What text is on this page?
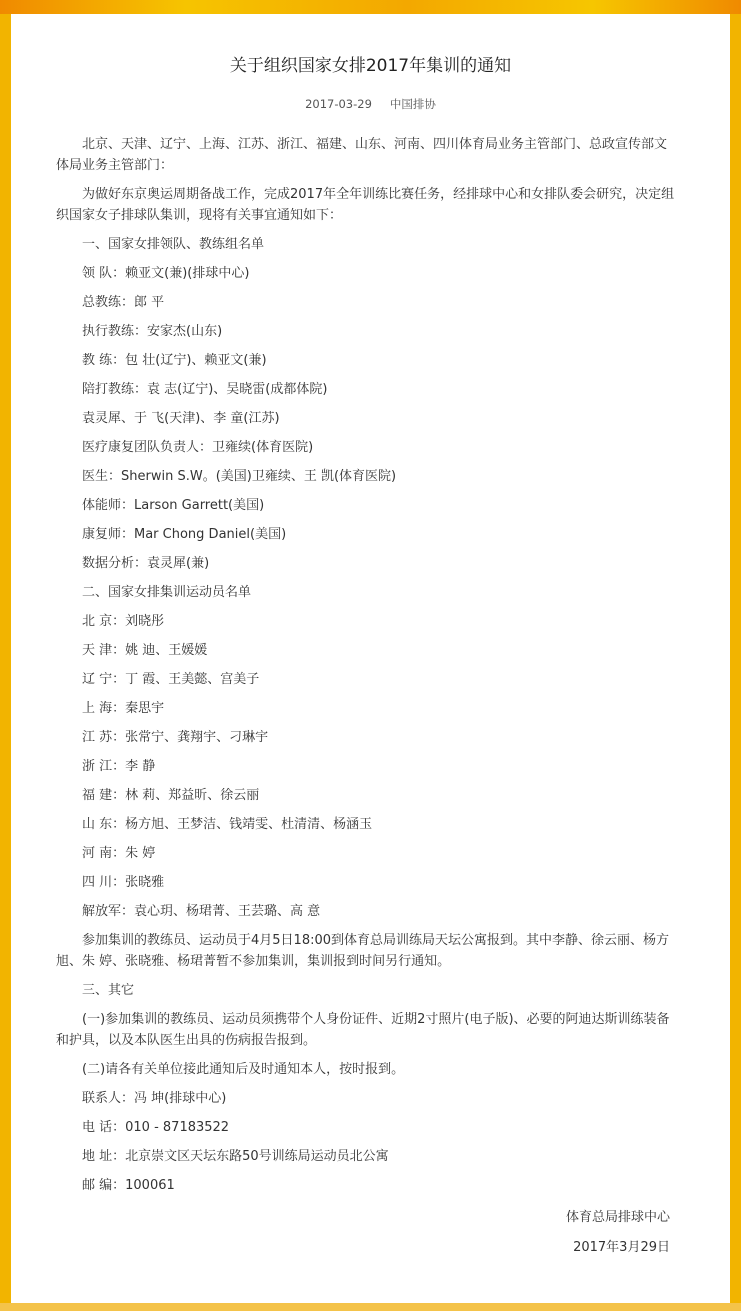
关于组织国家女排2017年集训的通知
2017-03-29 中国排协

北京、天津、辽宁、上海、江苏、浙江、福建、山东、河南、四川体育局业务主管部门、总政宣传部文体局业务主管部门：

为做好东京奥运周期备战工作，完成2017年全年训练比赛任务，经排球中心和女排队委会研究，决定组织国家女子排球队集训，现将有关事宜通知如下：

一、国家女排领队、教练组名单

领 队：赖亚文(兼)(排球中心)

总教练：郎 平

执行教练：安家杰(山东)

教 练：包 壮(辽宁)、赖亚文(兼)

陪打教练：袁 志(辽宁)、吴晓雷(成都体院)

袁灵犀、于 飞(天津)、李 童(江苏)

医疗康复团队负责人：卫雍续(体育医院)

医生：Sherwin S.W。(美国)卫雍续、王 凯(体育医院)

体能师：Larson Garrett(美国)

康复师：Mar Chong Daniel(美国)

数据分析：袁灵犀(兼)

二、国家女排集训运动员名单

北 京：刘晓彤

天 津：姚 迪、王媛媛

辽 宁：丁 霞、王美懿、宫美子

上 海：秦思宇

江 苏：张常宁、龚翔宇、刁琳宇

浙 江：李 静

福 建：林 莉、郑益昕、徐云丽

山 东：杨方旭、王梦洁、钱靖雯、杜清清、杨涵玉

河 南：朱 婷

四 川：张晓雅

解放军：袁心玥、杨珺菁、王芸璐、高 意

参加集训的教练员、运动员于4月5日18:00到体育总局训练局天坛公寓报到。其中李静、徐云丽、杨方旭、朱 婷、张晓雅、杨珺菁暂不参加集训，集训报到时间另行通知。

三、其它

(一)参加集训的教练员、运动员须携带个人身份证件、近期2寸照片(电子版)、必要的阿迪达斯训练装备和护具，以及本队医生出具的伤病报告报到。

(二)请各有关单位接此通知后及时通知本人，按时报到。

联系人：冯 坤(排球中心)

电 话：010 - 87183522

地 址：北京崇文区天坛东路50号训练局运动员北公寓

邮 编：100061

体育总局排球中心
2017年3月29日
